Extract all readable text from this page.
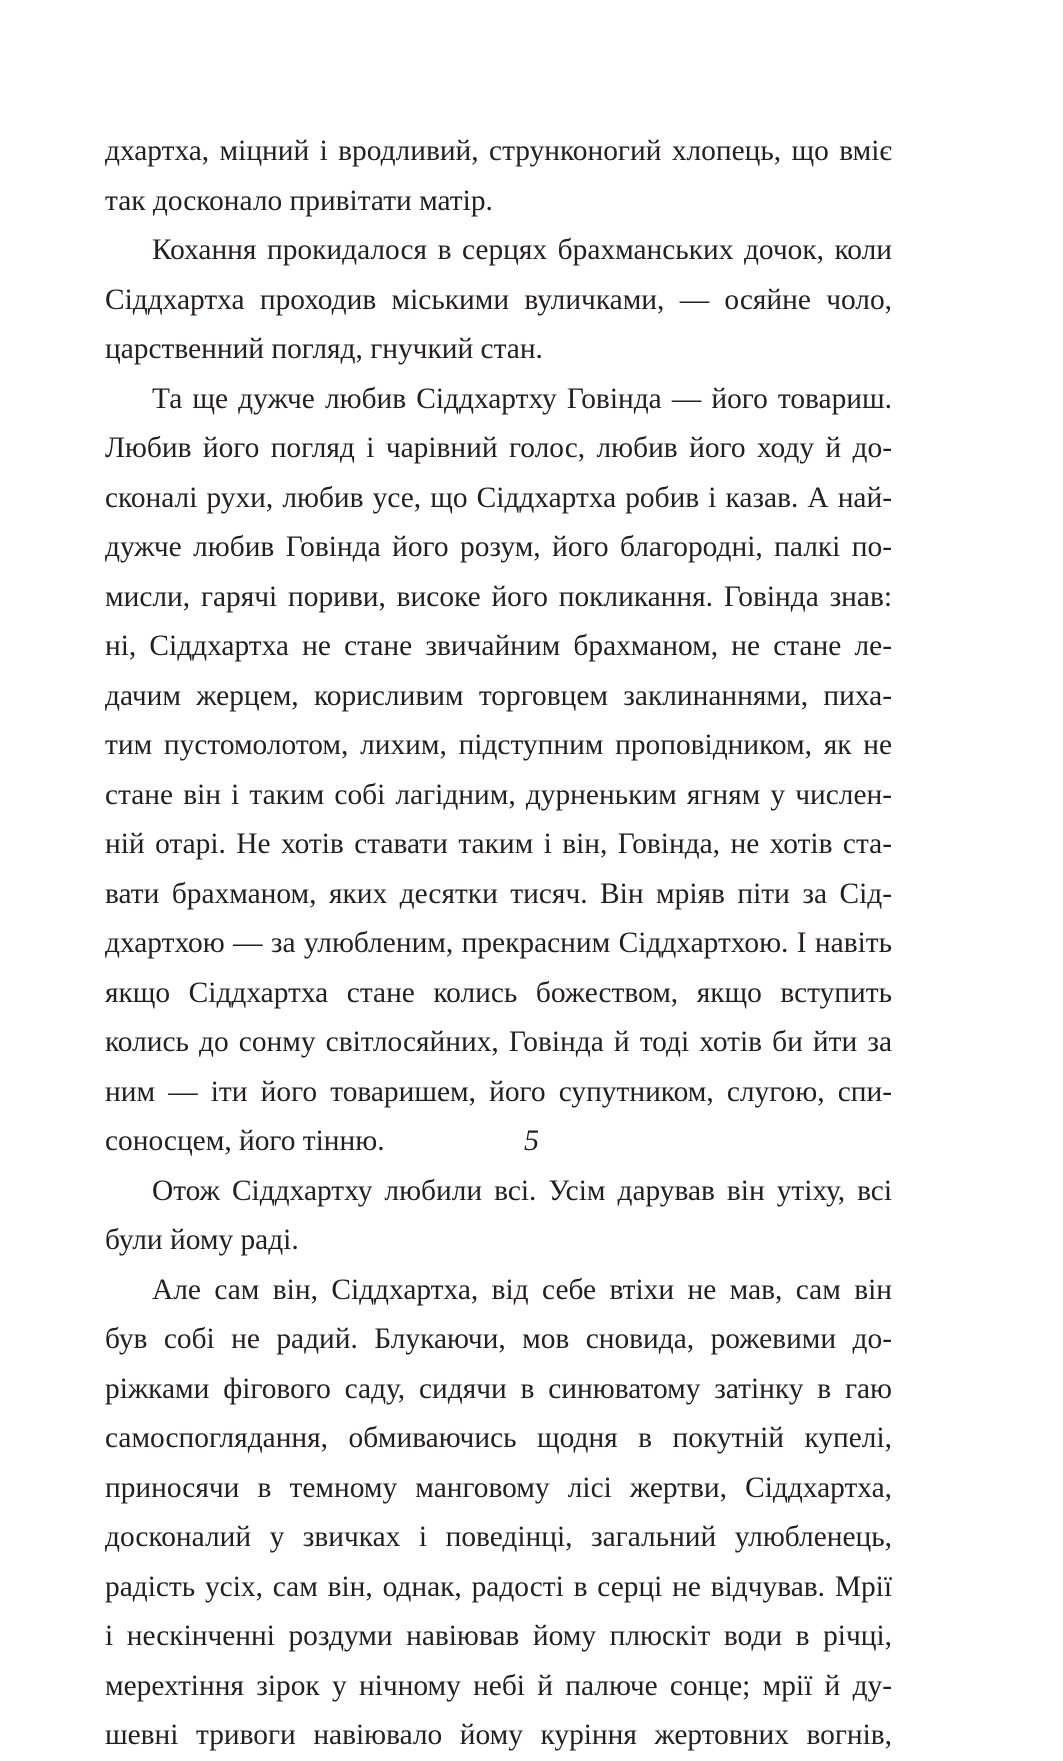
дхартха, міцний і вродливий, струнконогий хлопець, що вміє
так досконало привітати матір.
Кохання прокидалося в серцях брахманських дочок, коли
Сіддхартха проходив міськими вуличками, — осяйне чоло,
царственний погляд, гнучкий стан.
Та ще дужче любив Сіддхартху Говінда — його товариш.
Любив його погляд і чарівний голос, любив його ходу й до-
сконалі рухи, любив усе, що Сіддхартха робив і казав. А най-
дужче любив Говінда його розум, його благородні, палкі по-
мисли, гарячі пориви, високе його покликання. Говінда знав:
ні, Сіддхартха не стане звичайним брахманом, не стане ле-
дачим жерцем, корисливим торговцем заклинаннями, пиха-
тим пустомолотом, лихим, підступним проповідником, як не
стане він і таким собі лагідним, дурненьким ягням у числен-
ній отарі. Не хотів ставати таким і він, Говінда, не хотів ста-
вати брахманом, яких десятки тисяч. Він мріяв піти за Сід-
дхартхою — за улюбленим, прекрасним Сіддхартхою. І навіть
якщо Сіддхартха стане колись божеством, якщо вступить
колись до сонму світлосяйних, Говінда й тоді хотів би йти за
ним — іти його товаришем, його супутником, слугою, спи-
соносцем, його тінню.
Отож Сіддхартху любили всі. Усім дарував він утіху, всі
були йому раді.
Але сам він, Сіддхартха, від себе втіхи не мав, сам він
був собі не радий. Блукаючи, мов сновида, рожевими до-
ріжками фігового саду, сидячи в синюватому затінку в гаю
самоспоглядання, обмиваючись щодня в покутній купелі,
приносячи в темному манговому лісі жертви, Сіддхартха,
досконалий у звичках і поведінці, загальний улюбленець,
радість усіх, сам він, однак, радості в серці не відчував. Мрії
і нескінченні роздуми навіював йому плюскіт води в річці,
мерехтіння зірок у нічному небі й палюче сонце; мрії й ду-
шевні тривоги навіювало йому куріння жертовних вогнів,
5
